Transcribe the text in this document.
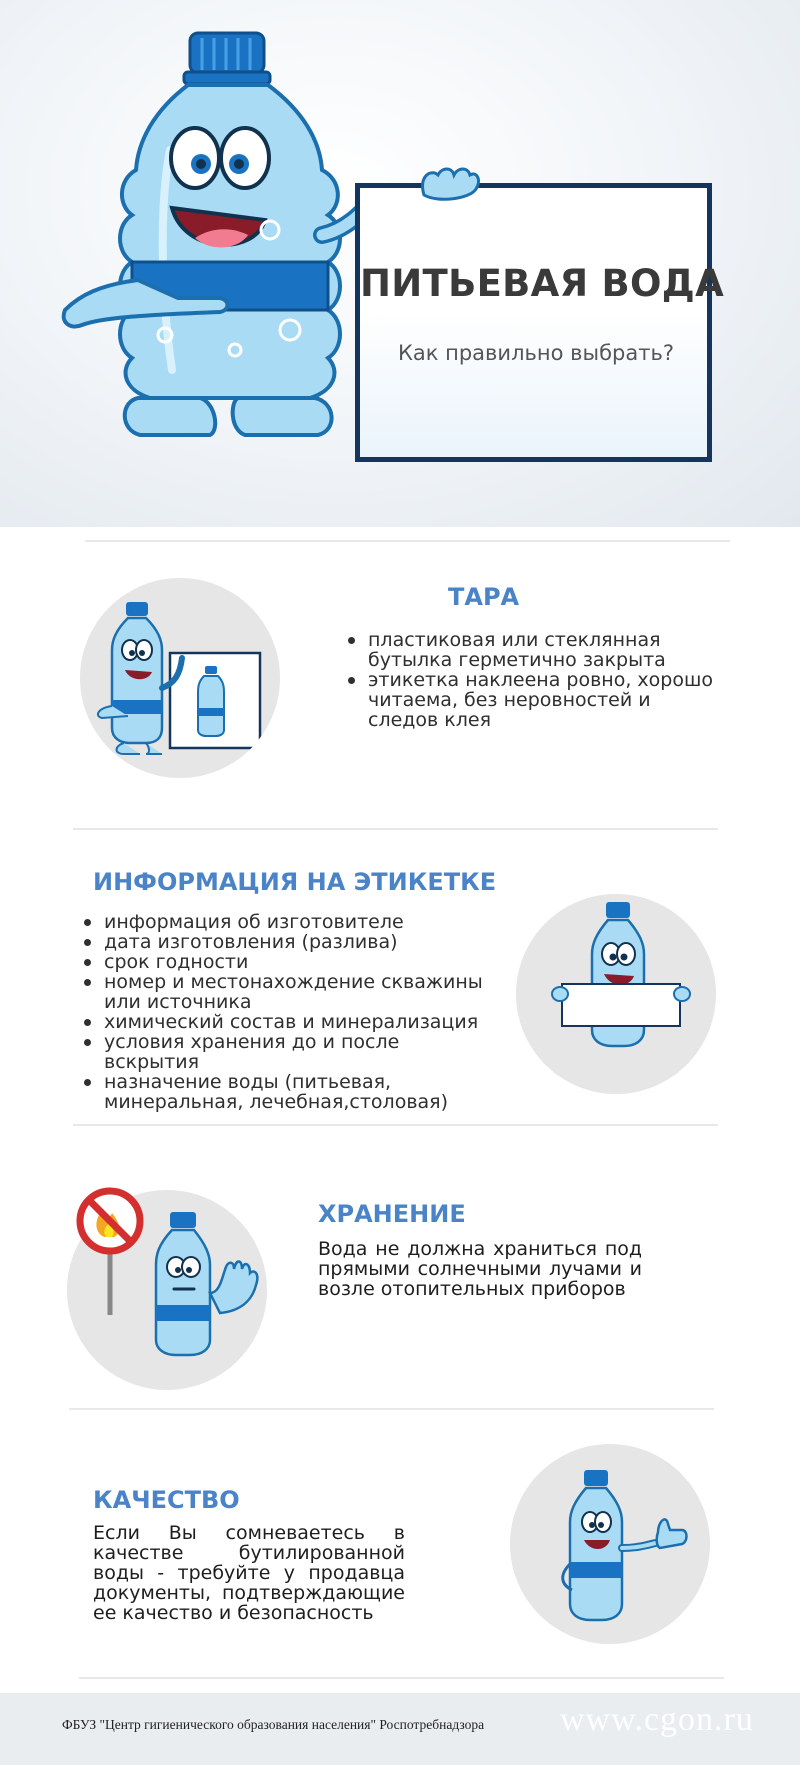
ПИТЬЕВАЯ ВОДА
Как правильно выбрать?
ТАРА
пластиковая или стеклянная бутылка герметично закрыта
этикетка наклеена ровно, хорошо читаема, без неровностей и следов клея
ИНФОРМАЦИЯ НА ЭТИКЕТКЕ
информация об изготовителе
дата изготовления (разлива)
срок годности
номер и местонахождение скважины или источника
химический состав и минерализация
условия хранения до и после вскрытия
назначение воды (питьевая, минеральная, лечебная,столовая)
ХРАНЕНИЕ
Вода не должна храниться под прямыми солнечными лучами и возле отопительных приборов
КАЧЕСТВО
Если Вы сомневаетесь в качестве бутилированной воды - требуйте у продавца документы, подтверждающие ее качество и безопасность
ФБУЗ "Центр гигиенического образования населения" Роспотребнадзора www.cgon.ru
